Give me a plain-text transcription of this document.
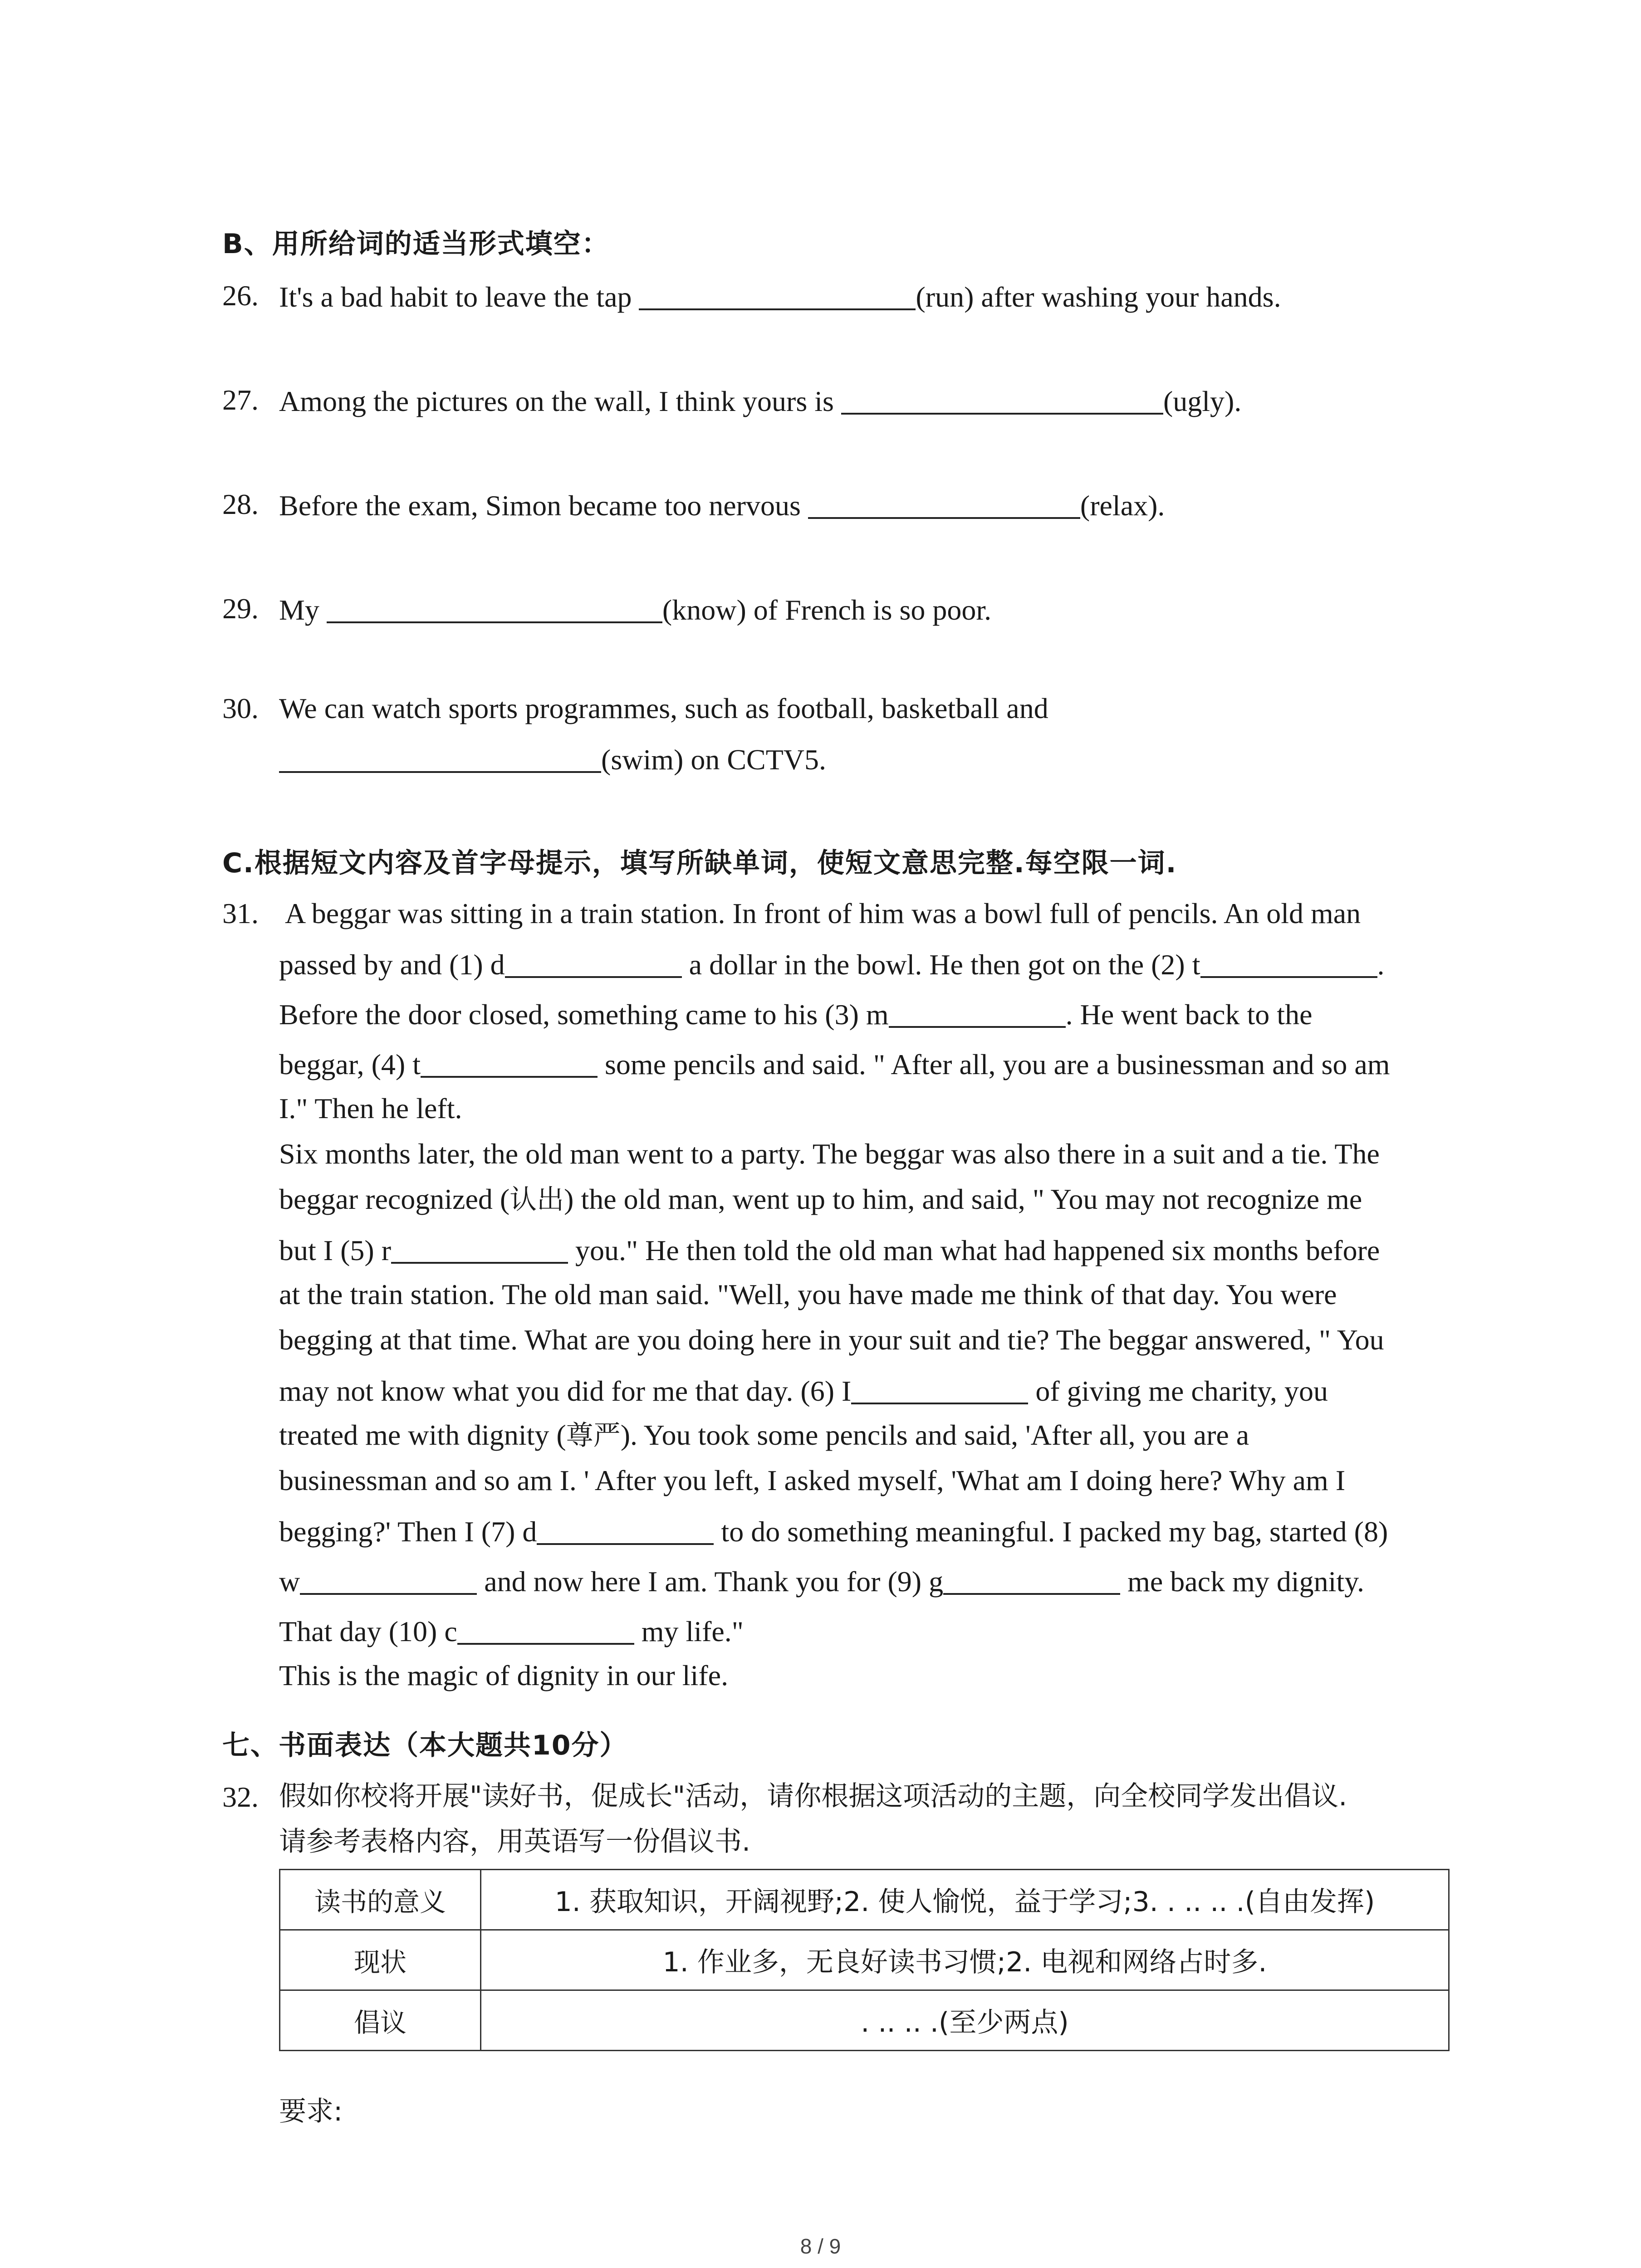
B、用所给词的适当形式填空：
26. It's a bad habit to leave the tap	(run) after washing your hands.
27. Among the pictures on the wall, I think yours is	(ugly).
28. Before the exam, Simon became too nervous	(relax).
29. My	(know) of French is so poor.
30. We can watch sports programmes, such as football, basketball and
(swim) on CCTV5.
C.根据短文内容及首字母提示，填写所缺单词，使短文意思完整.每空限一词.
31. A beggar was sitting in a train station. In front of him was a bowl full of pencils. An old man
passed by and (1) d	a dollar in the bowl. He then got on the (2) t	.
Before the door closed, something came to his (3) m	. He went back to the
beggar, (4) t	some pencils and said. " After all, you are a businessman and so am
I." Then he left.
Six months later, the old man went to a party. The beggar was also there in a suit and a tie. The
beggar recognized (认出) the old man, went up to him, and said, " You may not recognize me
but I (5) r	you." He then told the old man what had happened six months before
at the train station. The old man said. "Well, you have made me think of that day. You were
begging at that time. What are you doing here in your suit and tie? The beggar answered, " You
may not know what you did for me that day. (6) I	of giving me charity, you
treated me with dignity (尊严). You took some pencils and said, 'After all, you are a
businessman and so am I. ' After you left, I asked myself, 'What am I doing here? Why am I
begging?' Then I (7) d	to do something meaningful. I packed my bag, started (8)
w	and now here I am. Thank you for (9) g	me back my dignity.
That day (10) c	my life."
This is the magic of dignity in our life.
七、书面表达（本大题共10分）
32. 假如你校将开展"读好书，促成长"活动，请你根据这项活动的主题，向全校同学发出倡议.
请参考表格内容，用英语写一份倡议书.
读书的意义	1. 获取知识，开阔视野;2. 使人愉悦，益于学习;3. . .. .. .(自由发挥)
现状	1. 作业多，无良好读书习惯;2. 电视和网络占时多.
倡议	. .. .. .(至少两点)
要求:
8 / 9
